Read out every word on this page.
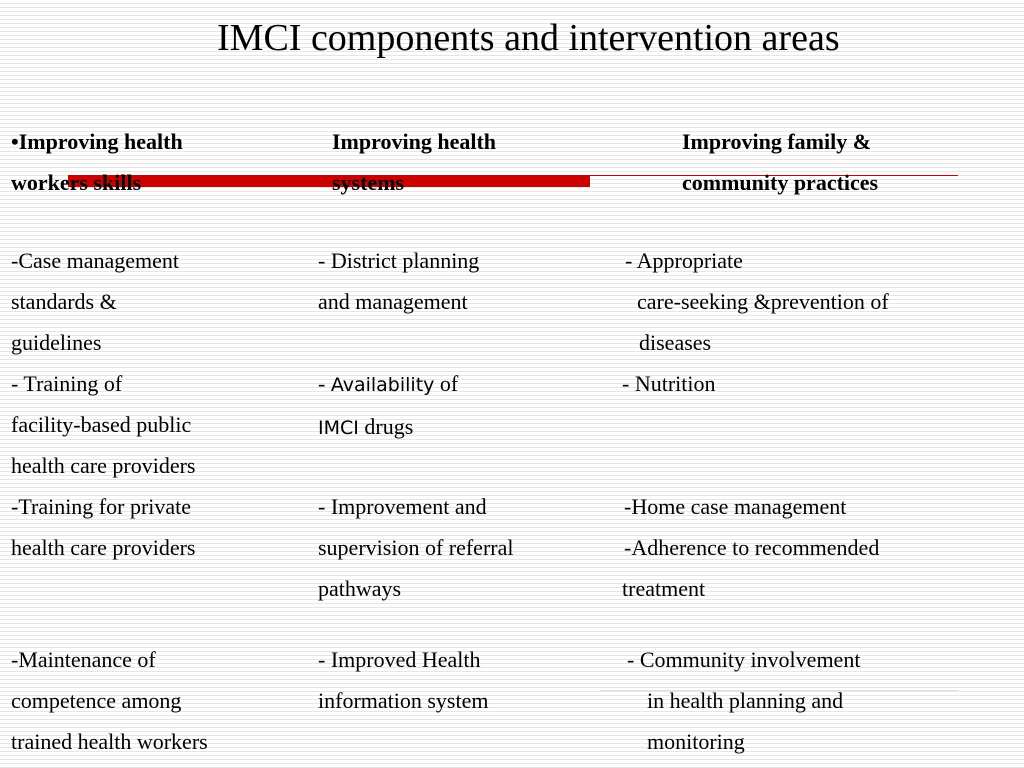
IMCI components and intervention areas
•Improving health
workers skills
Improving health
systems
Improving family &
community practices
-Case management
standards &
guidelines
- Training of
facility-based public
health care providers
-Training for private
health care providers
-Maintenance of
competence among
trained health workers
- District planning
and management
- Availability of
IMCI drugs
- Improvement and
supervision of referral
pathways
- Improved Health
information system
- Appropriate
care-seeking &prevention of
diseases
- Nutrition
-Home case management
-Adherence to recommended
treatment
- Community involvement
in health planning and
monitoring
